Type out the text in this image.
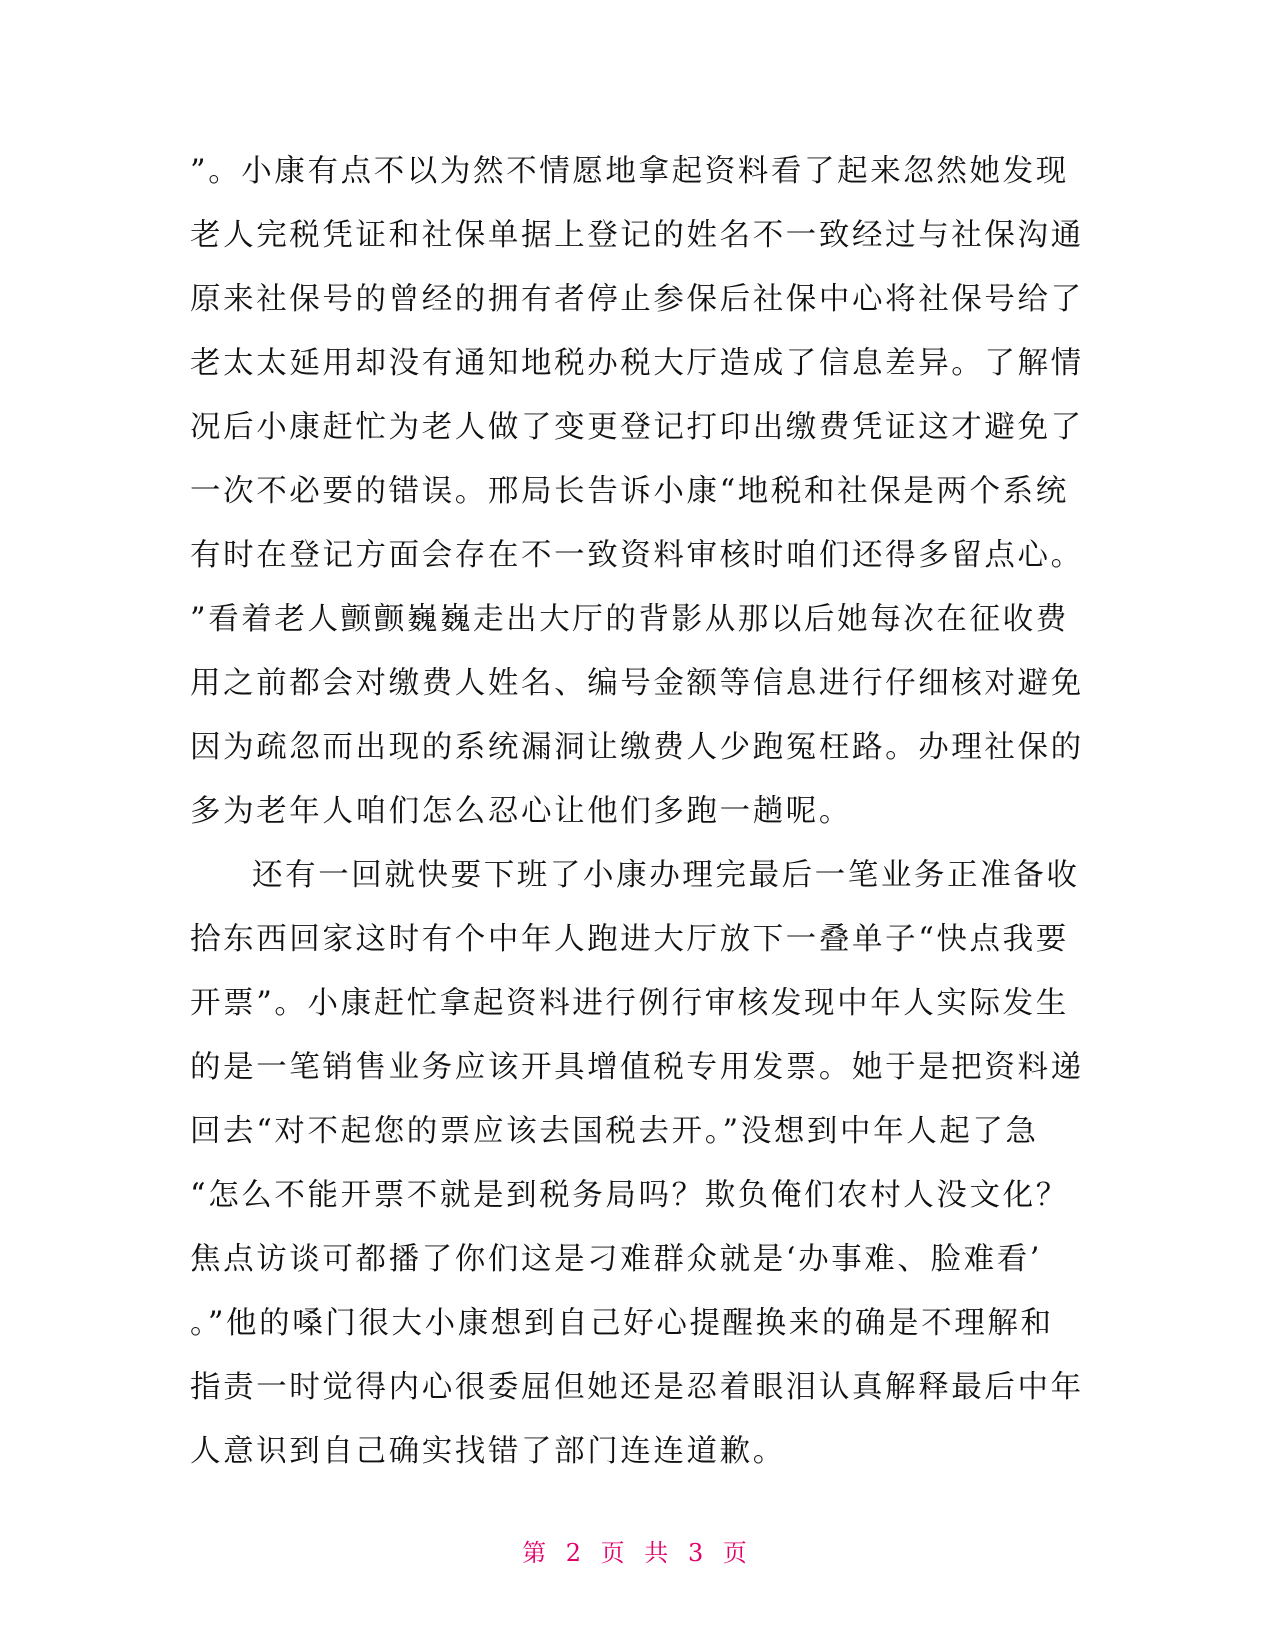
”。小康有点不以为然不情愿地拿起资料看了起来忽然她发现
老人完税凭证和社保单据上登记的姓名不一致经过与社保沟通
原来社保号的曾经的拥有者停止参保后社保中心将社保号给了
老太太延用却没有通知地税办税大厅造成了信息差异。了解情
况后小康赶忙为老人做了变更登记打印出缴费凭证这才避免了
一次不必要的错误。邢局长告诉小康“地税和社保是两个系统
有时在登记方面会存在不一致资料审核时咱们还得多留点心。
”看着老人颤颤巍巍走出大厅的背影从那以后她每次在征收费
用之前都会对缴费人姓名、编号金额等信息进行仔细核对避免
因为疏忽而出现的系统漏洞让缴费人少跑冤枉路。办理社保的
多为老年人咱们怎么忍心让他们多跑一趟呢。

还有一回就快要下班了小康办理完最后一笔业务正准备收
拾东西回家这时有个中年人跑进大厅放下一叠单子“快点我要
开票”。小康赶忙拿起资料进行例行审核发现中年人实际发生
的是一笔销售业务应该开具增值税专用发票。她于是把资料递
回去“对不起您的票应该去国税去开。”没想到中年人起了急
“怎么不能开票不就是到税务局吗？欺负俺们农村人没文化？
焦点访谈可都播了你们这是刁难群众就是‘办事难、脸难看’
。”他的嗓门很大小康想到自己好心提醒换来的确是不理解和
指责一时觉得内心很委屈但她还是忍着眼泪认真解释最后中年
人意识到自己确实找错了部门连连道歉。

第 2 页 共 3 页
